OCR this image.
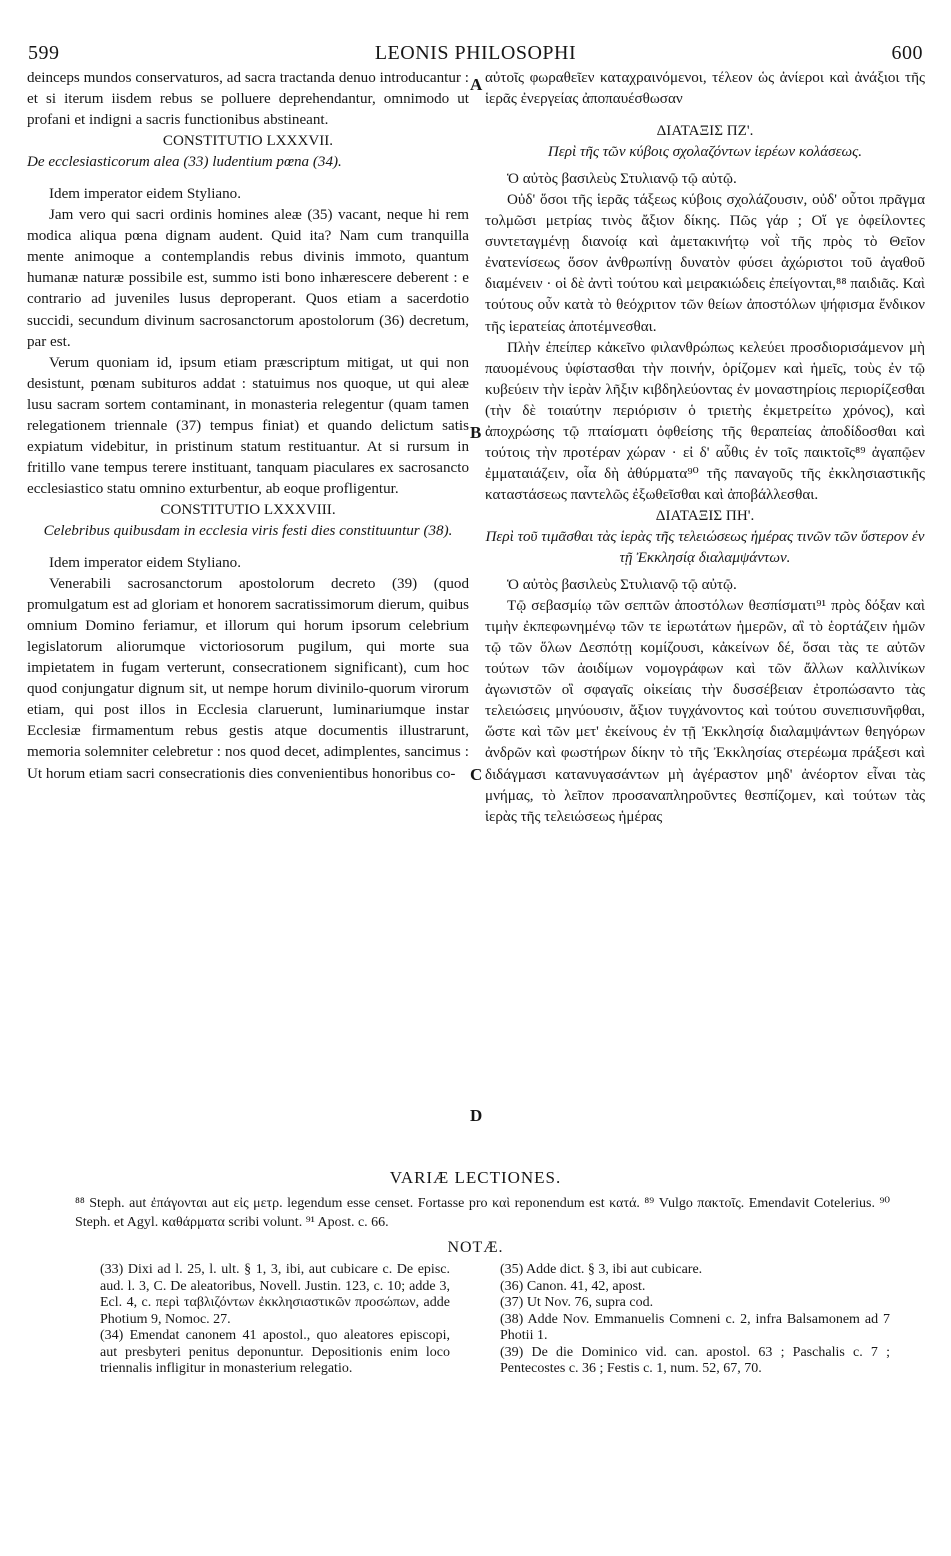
599	LEONIS PHILOSOPHI	600

deinceps mundos conservaturos, ad sacra tractanda denuo introducantur : et si iterum iisdem rebus se polluere deprehendantur, omnimodo ut profani et indigni a sacris functionibus abstineant.

CONSTITUTIO LXXXVII.

De ecclesiasticorum alea (33) ludentium pœna (34).

Idem imperator eidem Styliano.

Jam vero qui sacri ordinis homines aleæ (35) vacant, neque hi rem modica aliqua pœna dignam audent. Quid ita? Nam cum tranquilla mente animoque a contemplandis rebus divinis immoto, quantum humanæ naturæ possibile est, summo isti bono inhærescere deberent : e contrario ad juveniles lusus deproperant. Quos etiam a sacerdotio succidi, secundum divinum sacrosanctorum apostolorum (36) decretum, par est.

Verum quoniam id, ipsum etiam præscriptum mitigat, ut qui non desistunt, pœnam subituros addat : statuimus nos quoque, ut qui aleæ lusu sacram sortem contaminant, in monasteria relegentur (quam tamen relegationem triennale (37) tempus finiat) et quando delictum satis expiatum videbitur, in pristinum statum restituantur. At si rursum in fritillo vane tempus terere instituant, tanquam piaculares ex sacrosancto ecclesiastico statu omnino exturbentur, ab eoque profligentur.

CONSTITUTIO LXXXVIII.

Celebribus quibusdam in ecclesia viris festi dies constituuntur (38).

Idem imperator eidem Styliano.

Venerabili sacrosanctorum apostolorum decreto (39) (quod promulgatum est ad gloriam et honorem sacratissimorum dierum, quibus omnium Domino feriamur, et illorum qui horum ipsorum celebrium legislatorum aliorumque victoriosorum pugilum, qui morte sua impietatem in fugam verterunt, consecrationem significant), cum hoc quod conjungatur dignum sit, ut nempe horum divinilo-quorum virorum etiam, qui post illos in Ecclesia claruerunt, luminariumque instar Ecclesiæ firmamentum rebus gestis atque documentis illustrarunt, memoria solemniter celebretur : nos quod decet, adimplentes, sancimus : Ut horum etiam sacri consecrationis dies convenientibus honoribus co-

A
B
C
D

αὐτοῖς φωραθεῖεν καταχραινόμενοι, τέλεον ὡς ἀνίεροι καὶ ἀνάξιοι τῆς ἱερᾶς ἐνεργείας ἀποπαυέσθωσαν

ΔΙΑΤΑΞΙΣ ΠΖ'.

Περὶ τῆς τῶν κύβοις σχολαζόντων ἱερέων κολάσεως.

Ὁ αὐτὸς βασιλεὺς Στυλιανῷ τῷ αὐτῷ.

Οὐδ' ὅσοι τῆς ἱερᾶς τάξεως κύβοις σχολάζουσιν, οὐδ' οὗτοι πρᾶγμα τολμῶσι μετρίας τινὸς ἄξιον δίκης. Πῶς γάρ ; Οἵ γε ὀφείλοντες συντεταγμένῃ διανοίᾳ καὶ ἀμετακινήτῳ νοῒ τῆς πρὸς τὸ Θεῖον ἐνατενίσεως ὅσον ἀνθρωπίνῃ δυνατὸν φύσει ἀχώριστοι τοῦ ἀγαθοῦ διαμένειν · οἱ δὲ ἀντὶ τούτου καὶ μειρακιώδεις ἐπείγονται,⁸⁸ παιδιᾶς. Καὶ τούτους οὖν κατὰ τὸ θεόχριτον τῶν θείων ἀποστόλων ψήφισμα ἔνδικον τῆς ἱερατείας ἀποτέμνεσθαι.

Πλὴν ἐπείπερ κἀκεῖνο φιλανθρώπως κελεύει προσδιορισάμενον μὴ παυομένους ὑφίστασθαι τὴν ποινήν, ὁρίζομεν καὶ ἡμεῖς, τοὺς ἐν τῷ κυβεύειν τὴν ἱερὰν λῆξιν κιβδηλεύοντας ἐν μοναστηρίοις περιορίζεσθαι (τὴν δὲ τοιαύτην περιόρισιν ὁ τριετὴς ἐκμετρείτω χρόνος), καὶ ἀποχρώσης τῷ πταίσματι ὀφθείσης τῆς θεραπείας ἀποδίδοσθαι καὶ τούτοις τὴν προτέραν χώραν · εἰ δ' αὖθις ἐν τοῖς παικτοῖς⁸⁹ ἀγαπῷεν ἐμματαιάζειν, οἷα δὴ ἀθύρματα⁹⁰ τῆς παναγοῦς τῆς ἐκκλησιαστικῆς καταστάσεως παντελῶς ἐξωθεῖσθαι καὶ ἀποβάλλεσθαι.

ΔΙΑΤΑΞΙΣ ΠΗ'.

Περὶ τοῦ τιμᾶσθαι τὰς ἱερὰς τῆς τελειώσεως ἡμέρας τινῶν τῶν ὕστερον ἐν τῇ Ἐκκλησίᾳ διαλαμψάντων.

Ὁ αὐτὸς βασιλεὺς Στυλιανῷ τῷ αὐτῷ.

Τῷ σεβασμίῳ τῶν σεπτῶν ἀποστόλων θεσπίσματι⁹¹ πρὸς δόξαν καὶ τιμὴν ἐκπεφωνημένῳ τῶν τε ἱερωτάτων ἡμερῶν, αἳ τὸ ἑορτάζειν ἡμῶν τῷ τῶν ὅλων Δεσπότῃ κομίζουσι, κἀκείνων δέ, ὅσαι τὰς τε αὐτῶν τούτων τῶν ἀοιδίμων νομογράφων καὶ τῶν ἄλλων καλλινίκων ἀγωνιστῶν οἳ σφαγαῖς οἰκείαις τὴν δυσσέβειαν ἐτροπώσαντο τὰς τελειώσεις μηνύουσιν, ἄξιον τυγχάνοντος καὶ τούτου συνεπισυνῆφθαι, ὥστε καὶ τῶν μετ' ἐκείνους ἐν τῇ Ἐκκλησίᾳ διαλαμψάντων θεηγόρων ἀνδρῶν καὶ φωστήρων δίκην τὸ τῆς Ἐκκλησίας στερέωμα πράξεσι καὶ διδάγμασι κατανυγασάντων μὴ ἀγέραστον μηδ' ἀνέορτον εἶναι τὰς μνήμας, τὸ λεῖπον προσαναπληροῦντες θεσπίζομεν, καὶ τούτων τὰς ἱερὰς τῆς τελειώσεως ἡμέρας

VARIÆ LECTIONES.

⁸⁸ Steph. aut ἐπάγονται aut εἰς μετρ. legendum esse censet. Fortasse pro καὶ reponendum est κατά. ⁸⁹ Vulgo πακτοῖς. Emendavit Cotelerius. ⁹⁰ Steph. et Agyl. καθάρματα scribi volunt. ⁹¹ Apost. c. 66.

NOTÆ.

(33) Dixi ad l. 25, l. ult. § 1, 3, ibi, aut cubicare c. De episc. aud. l. 3, C. De aleatoribus, Novell. Justin. 123, c. 10; adde 3, Ecl. 4, c. περὶ ταβλιζόντων ἐκκλησιαστικῶν προσώπων, adde Photium 9, Nomoc. 27.

(34) Emendat canonem 41 apostol., quo aleatores episcopi, aut presbyteri penitus deponuntur. Depositionis enim loco triennalis infligitur in monasterium relegatio.

(35) Adde dict. § 3, ibi aut cubicare.

(36) Canon. 41, 42, apost.

(37) Ut Nov. 76, supra cod.

(38) Adde Nov. Emmanuelis Comneni c. 2, infra Balsamonem ad 7 Photii 1.

(39) De die Dominico vid. can. apostol. 63 ; Paschalis c. 7 ; Pentecostes c. 36 ; Festis c. 1, num. 52, 67, 70.
